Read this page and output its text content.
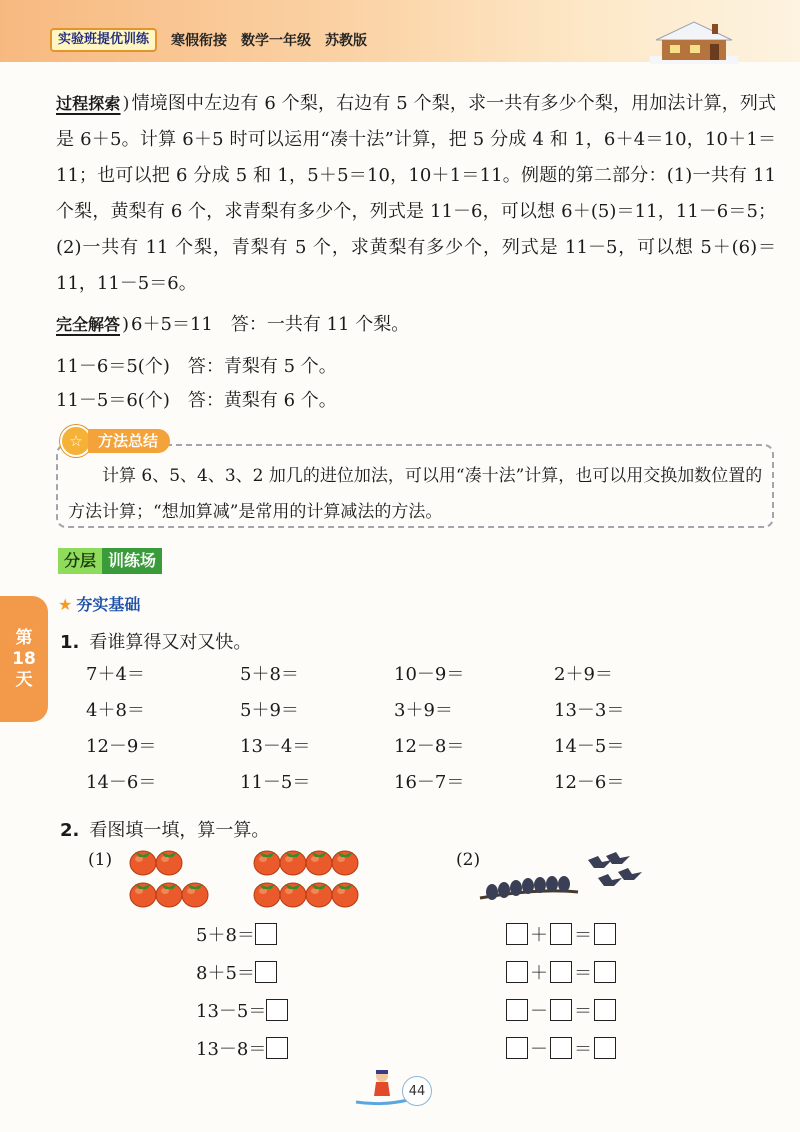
实验班提优训练	寒假衔接 数学一年级 苏教版
过程探索 ) 情境图中左边有 6 个梨，右边有 5 个梨，求一共有多少个梨，用加法计算，列式是 6＋5。计算 6＋5 时可以运用“凑十法”计算，把 5 分成 4 和 1，6＋4＝10，10＋1＝11；也可以把 6 分成 5 和 1，5＋5＝10，10＋1＝11。例题的第二部分：(1)一共有 11 个梨，黄梨有 6 个，求青梨有多少个，列式是 11－6，可以想 6＋(5)＝11，11－6＝5；(2)一共有 11 个梨，青梨有 5 个，求黄梨有多少个，列式是 11－5，可以想 5＋(6)＝11，11－5＝6。
完全解答 ) 6＋5＝11　答：一共有 11 个梨。
11－6＝5(个)　答：青梨有 5 个。
11－5＝6(个)　答：黄梨有 6 个。
☆	方法总结
计算 6、5、4、3、2 加几的进位加法，可以用“凑十法”计算，也可以用交换加数位置的方法计算；“想加算减”是常用的计算减法的方法。
分层 训练场
第
18
天
★ 夯实基础
1. 看谁算得又对又快。
7＋4＝	5＋8＝	10－9＝	2＋9＝
4＋8＝	5＋9＝	3＋9＝	13－3＝
12－9＝	13－4＝	12－8＝	14－5＝
14－6＝	11－5＝	16－7＝	12－6＝
2. 看图填一填，算一算。
(1)	(2)
5＋8＝
8＋5＝
13－5＝
13－8＝
＋ ＝
＋ ＝
－ ＝
－ ＝
44
